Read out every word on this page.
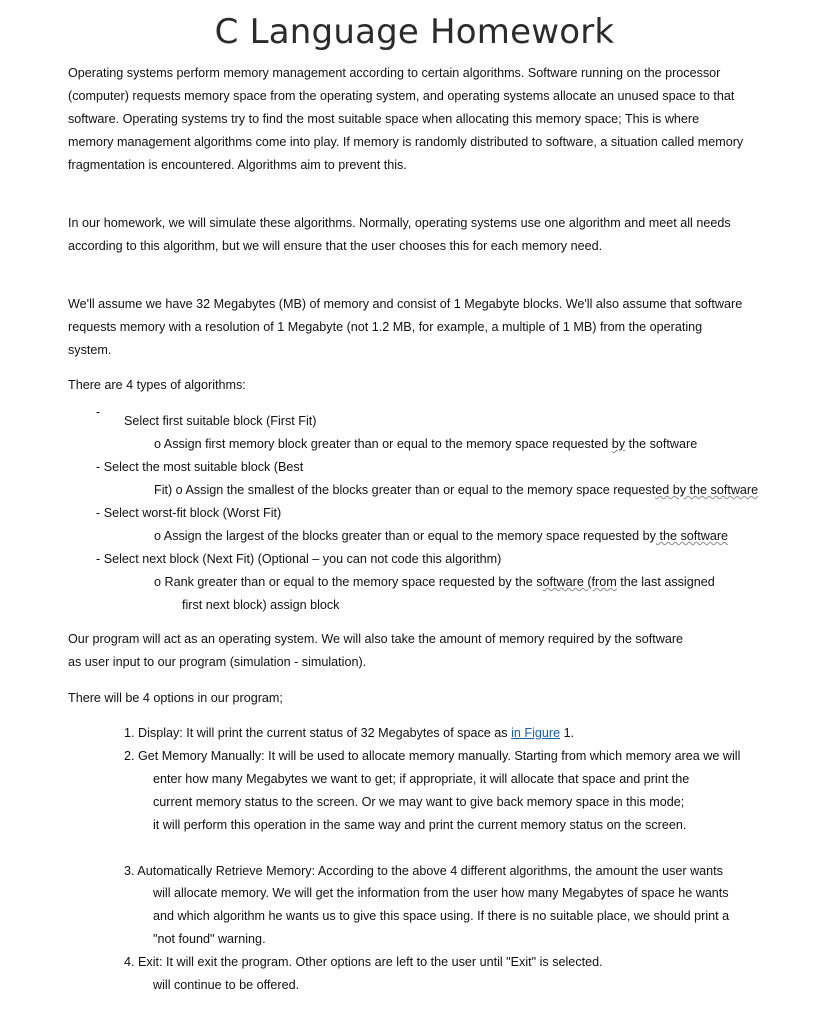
C Language Homework
Operating systems perform memory management according to certain algorithms. Software running on the processor
(computer) requests memory space from the operating system, and operating systems allocate an unused space to that
software. Operating systems try to find the most suitable space when allocating this memory space; This is where
memory management algorithms come into play. If memory is randomly distributed to software, a situation called memory
fragmentation is encountered. Algorithms aim to prevent this.
In our homework, we will simulate these algorithms. Normally, operating systems use one algorithm and meet all needs
according to this algorithm, but we will ensure that the user chooses this for each memory need.
We'll assume we have 32 Megabytes (MB) of memory and consist of 1 Megabyte blocks. We'll also assume that software
requests memory with a resolution of 1 Megabyte (not 1.2 MB, for example, a multiple of 1 MB) from the operating
system.
There are 4 types of algorithms:
-
Select first suitable block (First Fit)
o Assign first memory block greater than or equal to the memory space requested by the software
- Select the most suitable block (Best
Fit) o Assign the smallest of the blocks greater than or equal to the memory space requested by the software
- Select worst-fit block (Worst Fit)
o Assign the largest of the blocks greater than or equal to the memory space requested by the software
- Select next block (Next Fit) (Optional – you can not code this algorithm)
o Rank greater than or equal to the memory space requested by the software (from the last assigned
first next block) assign block
Our program will act as an operating system. We will also take the amount of memory required by the software
as user input to our program (simulation - simulation).
There will be 4 options in our program;
1. Display: It will print the current status of 32 Megabytes of space as in Figure 1.
2. Get Memory Manually: It will be used to allocate memory manually. Starting from which memory area we will
enter how many Megabytes we want to get; if appropriate, it will allocate that space and print the
current memory status to the screen. Or we may want to give back memory space in this mode;
it will perform this operation in the same way and print the current memory status on the screen.
3. Automatically Retrieve Memory: According to the above 4 different algorithms, the amount the user wants
will allocate memory. We will get the information from the user how many Megabytes of space he wants
and which algorithm he wants us to give this space using. If there is no suitable place, we should print a
"not found" warning.
4. Exit: It will exit the program. Other options are left to the user until "Exit" is selected.
will continue to be offered.
